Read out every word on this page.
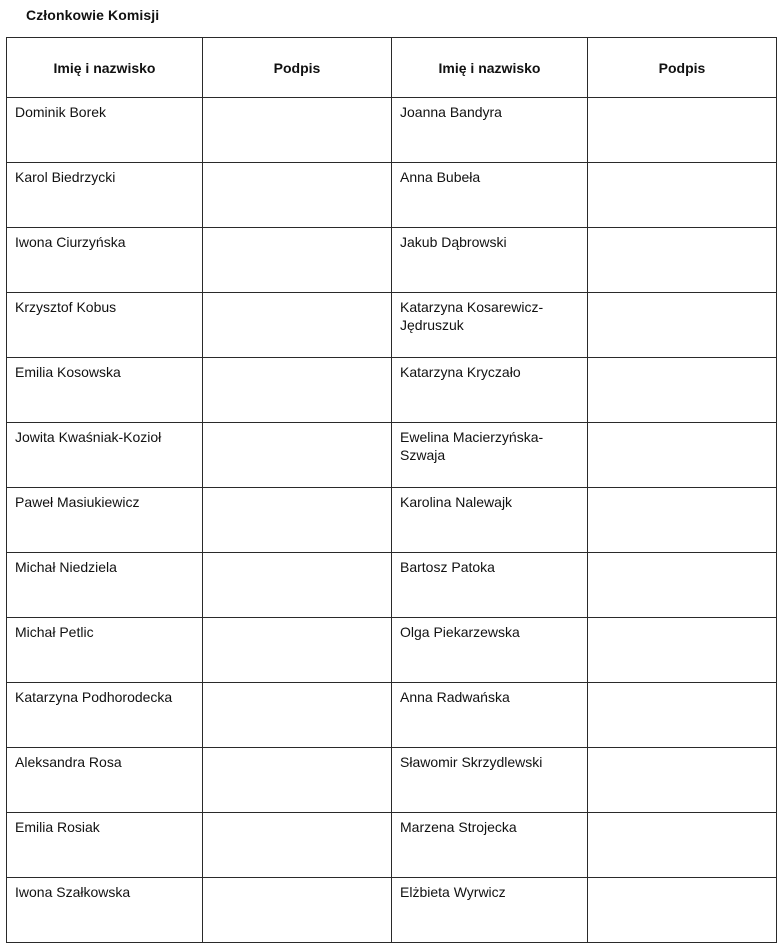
Członkowie Komisji
Imię i nazwisko	Podpis	Imię i nazwisko	Podpis
Dominik Borek		Joanna Bandyra	
Karol Biedrzycki		Anna Bubeła	
Iwona Ciurzyńska		Jakub Dąbrowski	
Krzysztof Kobus		Katarzyna Kosarewicz-Jędruszuk	
Emilia Kosowska		Katarzyna Kryczało	
Jowita Kwaśniak-Kozioł		Ewelina Macierzyńska-Szwaja	
Paweł Masiukiewicz		Karolina Nalewajk	
Michał Niedziela		Bartosz Patoka	
Michał Petlic		Olga Piekarzewska	
Katarzyna Podhorodecka		Anna Radwańska	
Aleksandra Rosa		Sławomir Skrzydlewski	
Emilia Rosiak		Marzena Strojecka	
Iwona Szałkowska		Elżbieta Wyrwicz	
